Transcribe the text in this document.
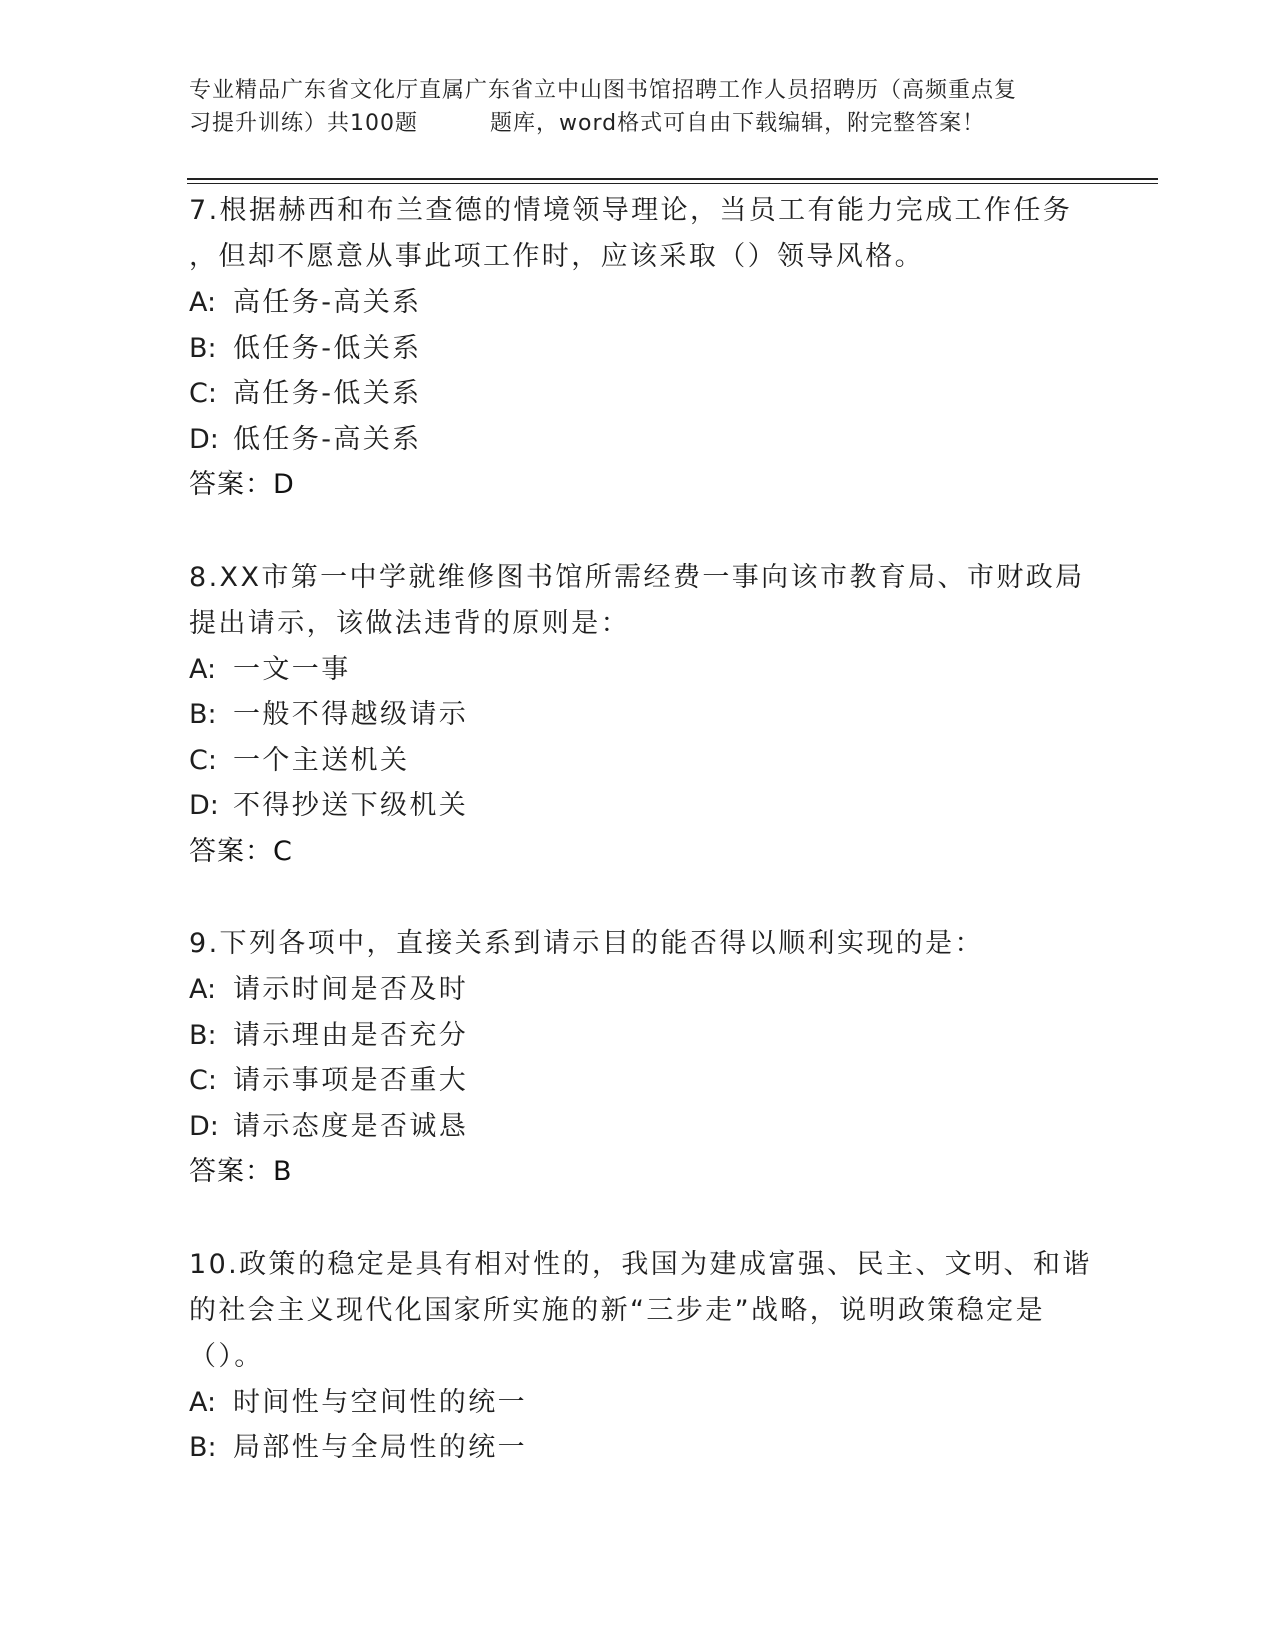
专业精品广东省文化厅直属广东省立中山图书馆招聘工作人员招聘历（高频重点复
习提升训练）共100题	题库，word格式可自由下载编辑，附完整答案！
7.根据赫西和布兰查德的情境领导理论，当员工有能力完成工作任务
，但却不愿意从事此项工作时，应该采取（）领导风格。
A: 高任务-高关系
B: 低任务-低关系
C: 高任务-低关系
D: 低任务-高关系
答案：D
8.XX市第一中学就维修图书馆所需经费一事向该市教育局、市财政局
提出请示，该做法违背的原则是：
A: 一文一事
B: 一般不得越级请示
C: 一个主送机关
D: 不得抄送下级机关
答案：C
9.下列各项中，直接关系到请示目的能否得以顺利实现的是：
A: 请示时间是否及时
B: 请示理由是否充分
C: 请示事项是否重大
D: 请示态度是否诚恳
答案：B
10.政策的稳定是具有相对性的，我国为建成富强、民主、文明、和谐
的社会主义现代化国家所实施的新“三步走”战略，说明政策稳定是
（）。
A: 时间性与空间性的统一
B: 局部性与全局性的统一
